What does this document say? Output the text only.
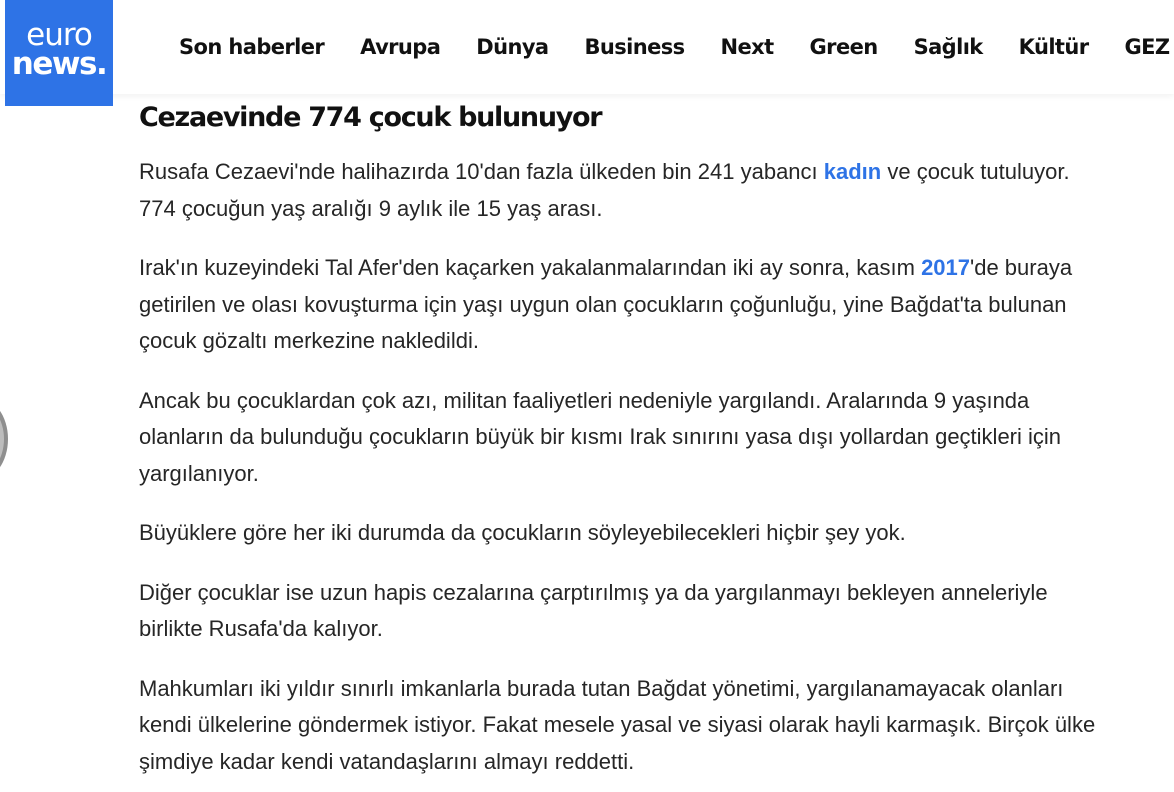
euro
news.	Son haberler Avrupa Dünya Business Next Green Sağlık Kültür GEZ
Cezaevinde 774 çocuk bulunuyor

Rusafa Cezaevi'nde halihazırda 10'dan fazla ülkeden bin 241 yabancı kadın ve çocuk tutuluyor. 774 çocuğun yaş aralığı 9 aylık ile 15 yaş arası.

Irak'ın kuzeyindeki Tal Afer'den kaçarken yakalanmalarından iki ay sonra, kasım 2017'de buraya getirilen ve olası kovuşturma için yaşı uygun olan çocukların çoğunluğu, yine Bağdat'ta bulunan çocuk gözaltı merkezine nakledildi.

Ancak bu çocuklardan çok azı, militan faaliyetleri nedeniyle yargılandı. Aralarında 9 yaşında olanların da bulunduğu çocukların büyük bir kısmı Irak sınırını yasa dışı yollardan geçtikleri için yargılanıyor.

Büyüklere göre her iki durumda da çocukların söyleyebilecekleri hiçbir şey yok.

Diğer çocuklar ise uzun hapis cezalarına çarptırılmış ya da yargılanmayı bekleyen anneleriyle birlikte Rusafa'da kalıyor.

Mahkumları iki yıldır sınırlı imkanlarla burada tutan Bağdat yönetimi, yargılanamayacak olanları kendi ülkelerine göndermek istiyor. Fakat mesele yasal ve siyasi olarak hayli karmaşık. Birçok ülke şimdiye kadar kendi vatandaşlarını almayı reddetti.
